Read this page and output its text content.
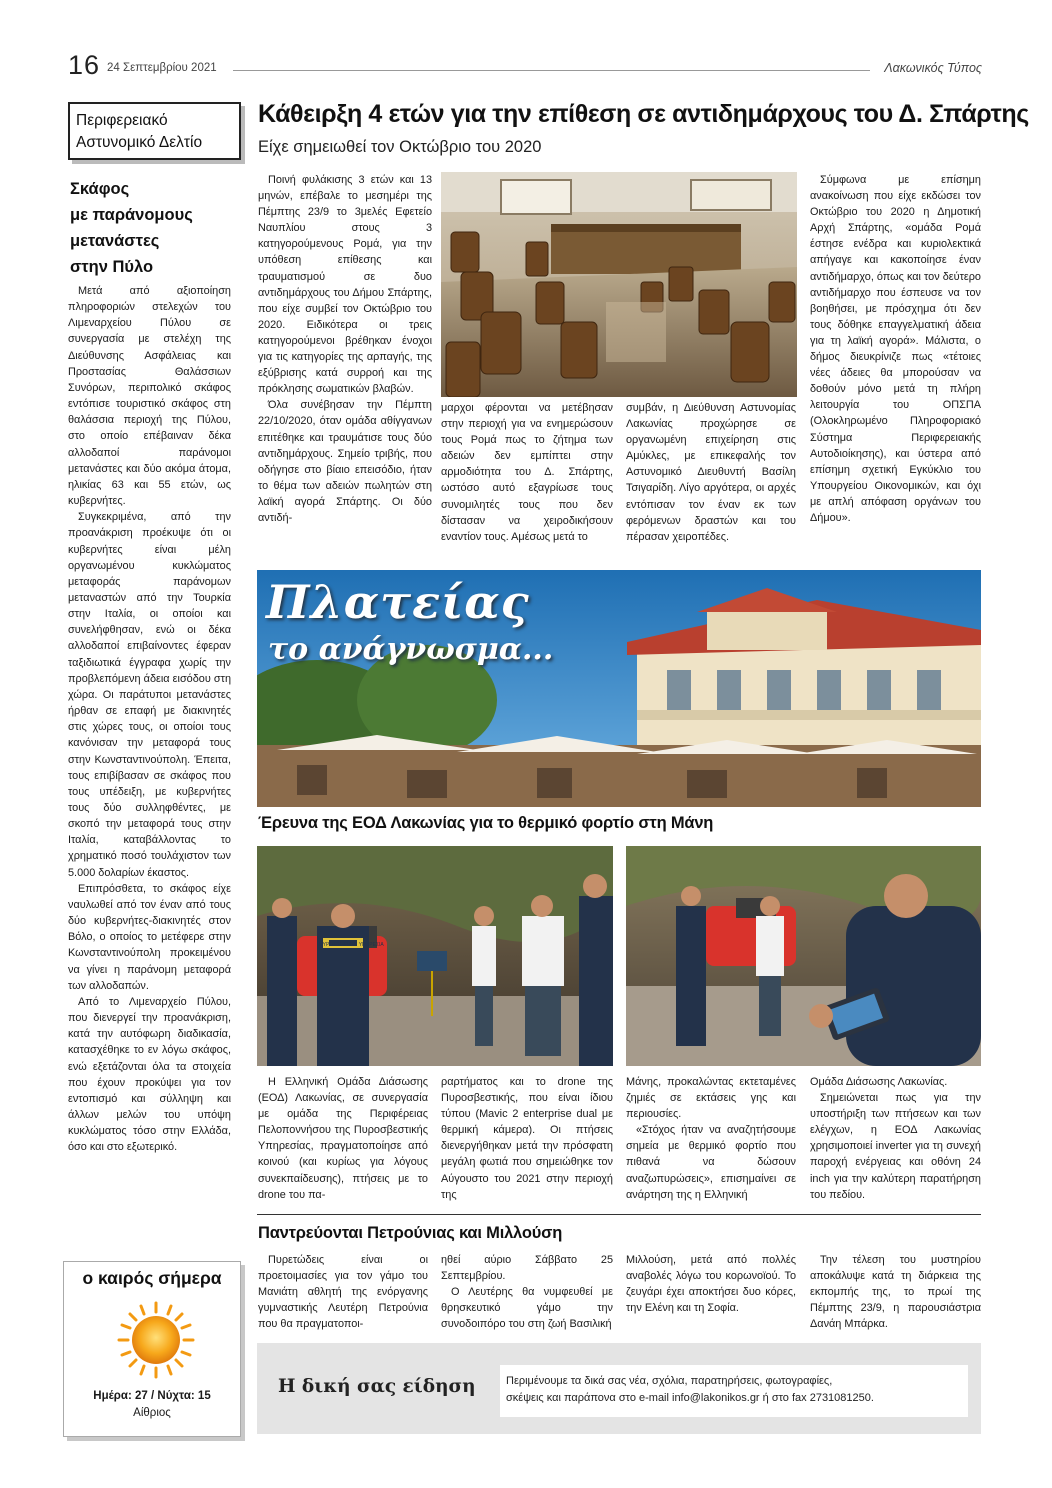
16 24 Σεπτεμβρίου 2021	Λακωνικός Τύπος
Περιφερειακό
Αστυνομικό Δελτίο
Σκάφος
με παράνομους
μετανάστες
στην Πύλο

Μετά από αξιοποίηση πληροφοριών στελεχών του Λιμεναρχείου Πύλου σε συνεργασία με στελέχη της Διεύθυνσης Ασφάλειας και Προστασίας Θαλάσσιων Συνόρων, περιπολικό σκάφος εντόπισε τουριστικό σκάφος στη θαλάσσια περιοχή της Πύλου, στο οποίο επέβαιναν δέκα αλλοδαποί παράνομοι μετανάστες και δύο ακόμα άτομα, ηλικίας 63 και 55 ετών, ως κυβερνήτες.

Συγκεκριμένα, από την προανάκριση προέκυψε ότι οι κυβερνήτες είναι μέλη οργανωμένου κυκλώματος μεταφοράς παράνομων μεταναστών από την Τουρκία στην Ιταλία, οι οποίοι και συνελήφθησαν, ενώ οι δέκα αλλοδαποί επιβαίνοντες έφεραν ταξιδιωτικά έγγραφα χωρίς την προβλεπόμενη άδεια εισόδου στη χώρα. Οι παράτυποι μετανάστες ήρθαν σε επαφή με διακινητές στις χώρες τους, οι οποίοι τους κανόνισαν την μεταφορά τους στην Κωνσταντινούπολη. Έπειτα, τους επιβίβασαν σε σκάφος που τους υπέδειξη, με κυβερνήτες τους δύο συλληφθέντες, με σκοπό την μεταφορά τους στην Ιταλία, καταβάλλοντας το χρηματικό ποσό τουλάχιστον των 5.000 δολαρίων έκαστος.

Επιπρόσθετα, το σκάφος είχε ναυλωθεί από τον έναν από τους δύο κυβερνήτες-διακινητές στον Βόλο, ο οποίος το μετέφερε στην Κωνσταντινούπολη προκειμένου να γίνει η παράνομη μεταφορά των αλλοδαπών.

Από το Λιμεναρχείο Πύλου, που διενεργεί την προανάκριση, κατά την αυτόφωρη διαδικασία, κατασχέθηκε το εν λόγω σκάφος, ενώ εξετάζονται όλα τα στοιχεία που έχουν προκύψει για τον εντοπισμό και σύλληψη και άλλων μελών του υπόψη κυκλώματος τόσο στην Ελλάδα, όσο και στο εξωτερικό.

ο καιρός σήμερα
Ημέρα: 27 / Νύχτα: 15
Αίθριος
Κάθειρξη 4 ετών για την επίθεση σε αντιδημάρχους του Δ. Σπάρτης
Είχε σημειωθεί τον Οκτώβριο του 2020

Ποινή φυλάκισης 3 ετών και 13 μηνών, επέβαλε το μεσημέρι της Πέμπτης 23/9 το 3μελές Εφετείο Ναυπλίου στους 3 κατηγορούμενους Ρομά, για την υπόθεση επίθεσης και τραυματισμού σε δυο αντιδημάρχους του Δήμου Σπάρτης, που είχε συμβεί τον Οκτώβριο του 2020. Ειδικότερα οι τρεις κατηγορούμενοι βρέθηκαν ένοχοι για τις κατηγορίες της αρπαγής, της εξύβρισης κατά συρροή και της πρόκλησης σωματικών βλαβών.

Όλα συνέβησαν την Πέμπτη 22/10/2020, όταν ομάδα αθίγγανων επιτέθηκε και τραυμάτισε τους δύο αντιδημάρχους. Σημείο τριβής, που οδήγησε στο βίαιο επεισόδιο, ήταν το θέμα των αδειών πωλητών στη λαϊκή αγορά Σπάρτης. Οι δύο αντιδή-

μαρχοι φέρονται να μετέβησαν στην περιοχή για να ενημερώσουν τους Ρομά πως το ζήτημα των αδειών δεν εμπίπτει στην αρμοδιότητα του Δ. Σπάρτης, ωστόσο αυτό εξαγρίωσε τους συνομιλητές τους που δεν δίστασαν να χειροδικήσουν εναντίον τους. Αμέσως μετά το

συμβάν, η Διεύθυνση Αστυνομίας Λακωνίας προχώρησε σε οργανωμένη επιχείρηση στις Αμύκλες, με επικεφαλής τον Αστυνομικό Διευθυντή Βασίλη Τσιγαρίδη. Λίγο αργότερα, οι αρχές εντόπισαν τον έναν εκ των φερόμενων δραστών και του πέρασαν χειροπέδες.

Σύμφωνα με επίσημη ανακοίνωση που είχε εκδώσει τον Οκτώβριο του 2020 η Δημοτική Αρχή Σπάρτης, «ομάδα Ρομά έστησε ενέδρα και κυριολεκτικά απήγαγε και κακοποίησε έναν αντιδήμαρχο, όπως και τον δεύτερο αντιδήμαρχο που έσπευσε να τον βοηθήσει, με πρόσχημα ότι δεν τους δόθηκε επαγγελματική άδεια για τη λαϊκή αγορά». Μάλιστα, ο δήμος διευκρίνιζε πως «τέτοιες νέες άδειες θα μπορούσαν να δοθούν μόνο μετά τη πλήρη λειτουργία του ΟΠΣΠΑ (Ολοκληρωμένο Πληροφοριακό Σύστημα Περιφερειακής Αυτοδιοίκησης), και ύστερα από επίσημη σχετική Εγκύκλιο του Υπουργείου Οικονομικών, και όχι με απλή απόφαση οργάνων του Δήμου».

Πλατείας
το ανάγνωσμα...
Έρευνα της ΕΟΔ Λακωνίας για το θερμικό φορτίο στη Μάνη
ΠΥΡΟΣΒΕΣΤΙΚΗ ΥΠΗΡΕΣΙΑ

Η Ελληνική Ομάδα Διάσωσης (ΕΟΔ) Λακωνίας, σε συνεργασία με ομάδα της Περιφέρειας Πελοποννήσου της Πυροσβεστικής Υπηρεσίας, πραγματοποίησε από κοινού (και κυρίως για λόγους συνεκπαίδευσης), πτήσεις με το drone του πα-

ραρτήματος και το drone της Πυροσβεστικής, που είναι ίδιου τύπου (Mavic 2 enterprise dual με θερμική κάμερα). Οι πτήσεις διενεργήθηκαν μετά την πρόσφατη μεγάλη φωτιά που σημειώθηκε τον Αύγουστο του 2021 στην περιοχή της

Μάνης, προκαλώντας εκτεταμένες ζημιές σε εκτάσεις γης και περιουσίες.

«Στόχος ήταν να αναζητήσουμε σημεία με θερμικό φορτίο που πιθανά να δώσουν αναζωπυρώσεις», επισημαίνει σε ανάρτηση της η Ελληνική

Ομάδα Διάσωσης Λακωνίας.

Σημειώνεται πως για την υποστήριξη των πτήσεων και των ελέγχων, η ΕΟΔ Λακωνίας χρησιμοποιεί inverter για τη συνεχή παροχή ενέργειας και οθόνη 24 inch για την καλύτερη παρατήρηση του πεδίου.

Παντρεύονται Πετρούνιας και Μιλλούση

Πυρετώδεις είναι οι προετοιμασίες για τον γάμο του Μανιάτη αθλητή της ενόργανης γυμναστικής Λευτέρη Πετρούνια που θα πραγματοποι-

ηθεί αύριο Σάββατο 25 Σεπτεμβρίου.

Ο Λευτέρης θα νυμφευθεί με θρησκευτικό γάμο την συνοδοιπόρο του στη ζωή Βασιλική

Μιλλούση, μετά από πολλές αναβολές λόγω του κορωνοϊού. Το ζευγάρι έχει αποκτήσει δυο κόρες, την Ελένη και τη Σοφία.

Την τέλεση του μυστηρίου αποκάλυψε κατά τη διάρκεια της εκπομπής της, το πρωί της Πέμπτης 23/9, η παρουσιάστρια Δανάη Μπάρκα.

Η δική σας είδηση	Περιμένουμε τα δικά σας νέα, σχόλια, παρατηρήσεις, φωτογραφίες,
σκέψεις και παράπονα στο e-mail info@lakonikos.gr ή στο fax 2731081250.
